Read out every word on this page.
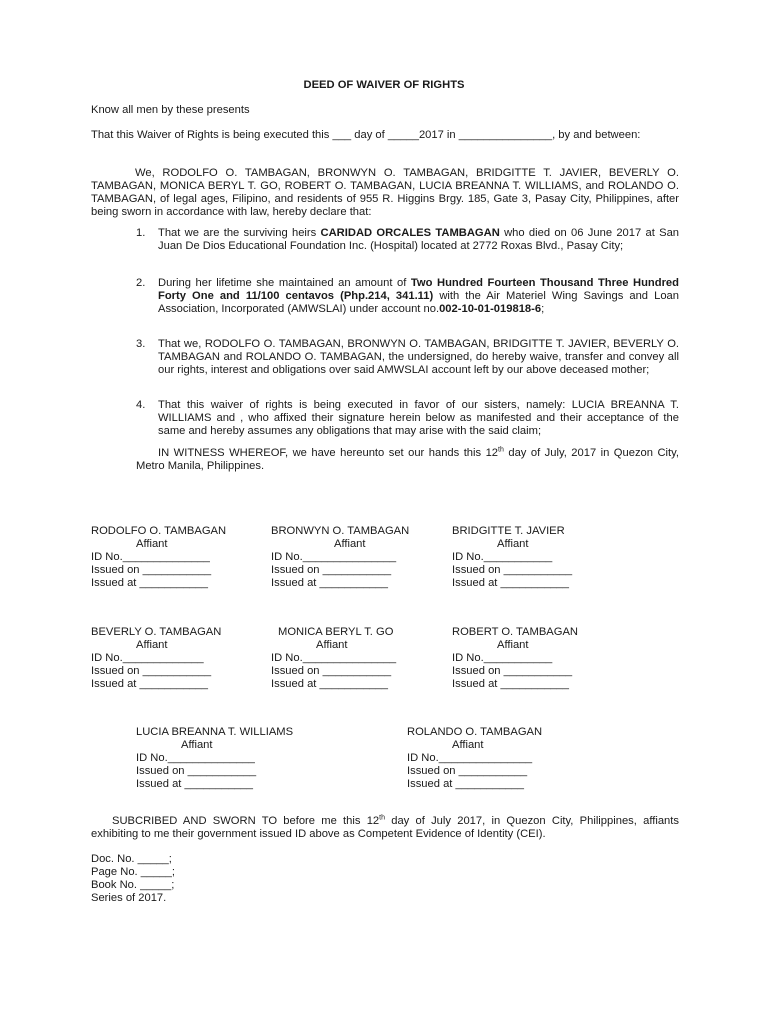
DEED OF WAIVER OF RIGHTS
Know all men by these presents
That this Waiver of Rights is being executed this ___ day of _____2017 in _______________, by and between:
We, RODOLFO O. TAMBAGAN, BRONWYN O. TAMBAGAN, BRIDGITTE T. JAVIER, BEVERLY O. TAMBAGAN, MONICA BERYL T. GO, ROBERT O. TAMBAGAN, LUCIA BREANNA T. WILLIAMS, and ROLANDO O. TAMBAGAN, of legal ages, Filipino, and residents of 955 R. Higgins Brgy. 185, Gate 3, Pasay City, Philippines, after being sworn in accordance with law, hereby declare that:
1. That we are the surviving heirs CARIDAD ORCALES TAMBAGAN who died on 06 June 2017 at San Juan De Dios Educational Foundation Inc. (Hospital) located at 2772 Roxas Blvd., Pasay City;
2. During her lifetime she maintained an amount of Two Hundred Fourteen Thousand Three Hundred Forty One and 11/100 centavos (Php.214, 341.11) with the Air Materiel Wing Savings and Loan Association, Incorporated (AMWSLAI) under account no.002-10-01-019818-6;
3. That we, RODOLFO O. TAMBAGAN, BRONWYN O. TAMBAGAN, BRIDGITTE T. JAVIER, BEVERLY O. TAMBAGAN and ROLANDO O. TAMBAGAN, the undersigned, do hereby waive, transfer and convey all our rights, interest and obligations over said AMWSLAI account left by our above deceased mother;
4. That this waiver of rights is being executed in favor of our sisters, namely: LUCIA BREANNA T. WILLIAMS and , who affixed their signature herein below as manifested and their acceptance of the same and hereby assumes any obligations that may arise with the said claim;
IN WITNESS WHEREOF, we have hereunto set our hands this 12th day of July, 2017 in Quezon City, Metro Manila, Philippines.
RODOLFO O. TAMBAGAN
Affiant
ID No.______________
Issued on ___________
Issued at ___________
BRONWYN O. TAMBAGAN
Affiant
ID No._______________
Issued on ___________
Issued at ___________
BRIDGITTE T. JAVIER
Affiant
ID No.___________
Issued on ___________
Issued at ___________
BEVERLY O. TAMBAGAN
Affiant
ID No._____________
Issued on ___________
Issued at ___________
MONICA BERYL T. GO
Affiant
ID No._______________
Issued on ___________
Issued at ___________
ROBERT O. TAMBAGAN
Affiant
ID No.___________
Issued on ___________
Issued at ___________
LUCIA BREANNA T. WILLIAMS
Affiant
ID No.______________
Issued on ___________
Issued at ___________
ROLANDO O. TAMBAGAN
Affiant
ID No._______________
Issued on ___________
Issued at ___________
SUBCRIBED AND SWORN TO before me this 12th day of July 2017, in Quezon City, Philippines, affiants exhibiting to me their government issued ID above as Competent Evidence of Identity (CEI).
Doc. No. _____;
Page No. _____;
Book No. _____;
Series of 2017.
